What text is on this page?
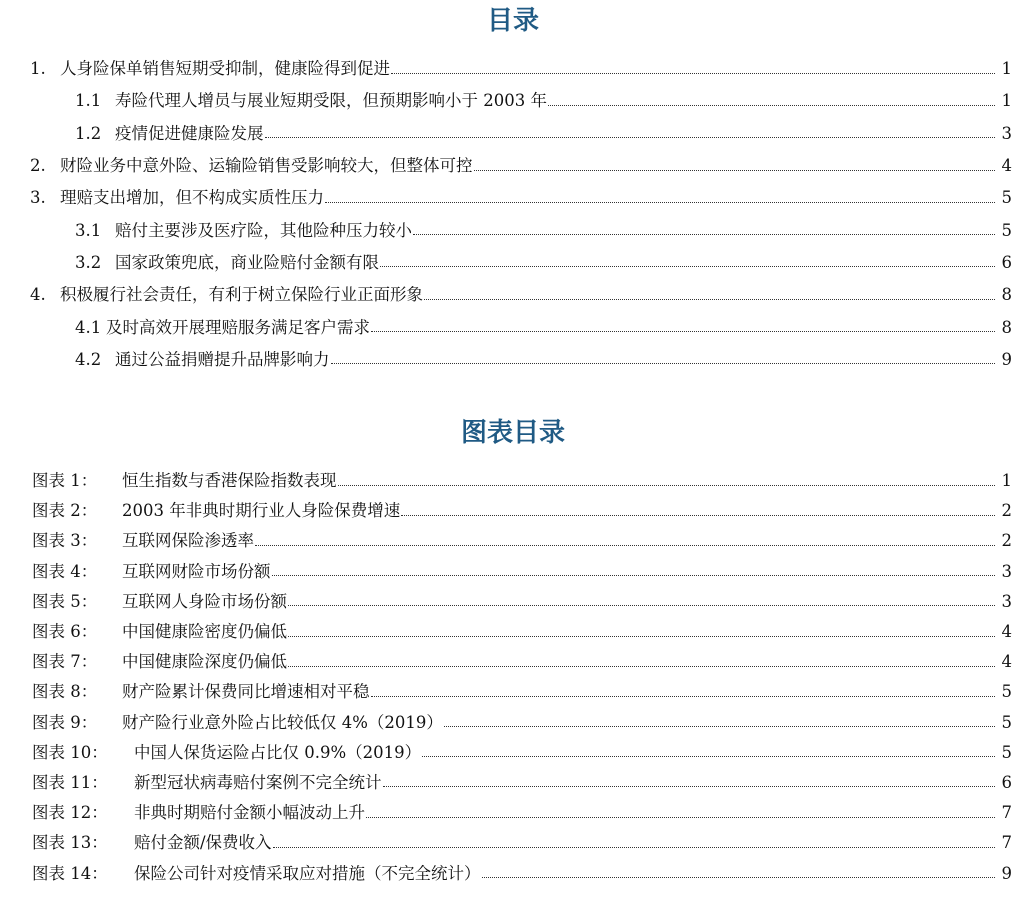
目录
1. 人身险保单销售短期受抑制，健康险得到促进	1
1.1 寿险代理人增员与展业短期受限，但预期影响小于 2003 年	1
1.2 疫情促进健康险发展	3
2. 财险业务中意外险、运输险销售受影响较大，但整体可控	4
3. 理赔支出增加，但不构成实质性压力	5
3.1 赔付主要涉及医疗险，其他险种压力较小	5
3.2 国家政策兜底，商业险赔付金额有限	6
4. 积极履行社会责任，有利于树立保险行业正面形象	8
4.1 及时高效开展理赔服务满足客户需求	8
4.2 通过公益捐赠提升品牌影响力	9
图表目录
图表 1：	恒生指数与香港保险指数表现	1
图表 2：	2003 年非典时期行业人身险保费增速	2
图表 3：	互联网保险渗透率	2
图表 4：	互联网财险市场份额	3
图表 5：	互联网人身险市场份额	3
图表 6：	中国健康险密度仍偏低	4
图表 7：	中国健康险深度仍偏低	4
图表 8：	财产险累计保费同比增速相对平稳	5
图表 9：	财产险行业意外险占比较低仅 4%（2019）	5
图表 10：	中国人保货运险占比仅 0.9%（2019）	5
图表 11：	新型冠状病毒赔付案例不完全统计	6
图表 12：	非典时期赔付金额小幅波动上升	7
图表 13：	赔付金额/保费收入	7
图表 14：	保险公司针对疫情采取应对措施（不完全统计）	9
